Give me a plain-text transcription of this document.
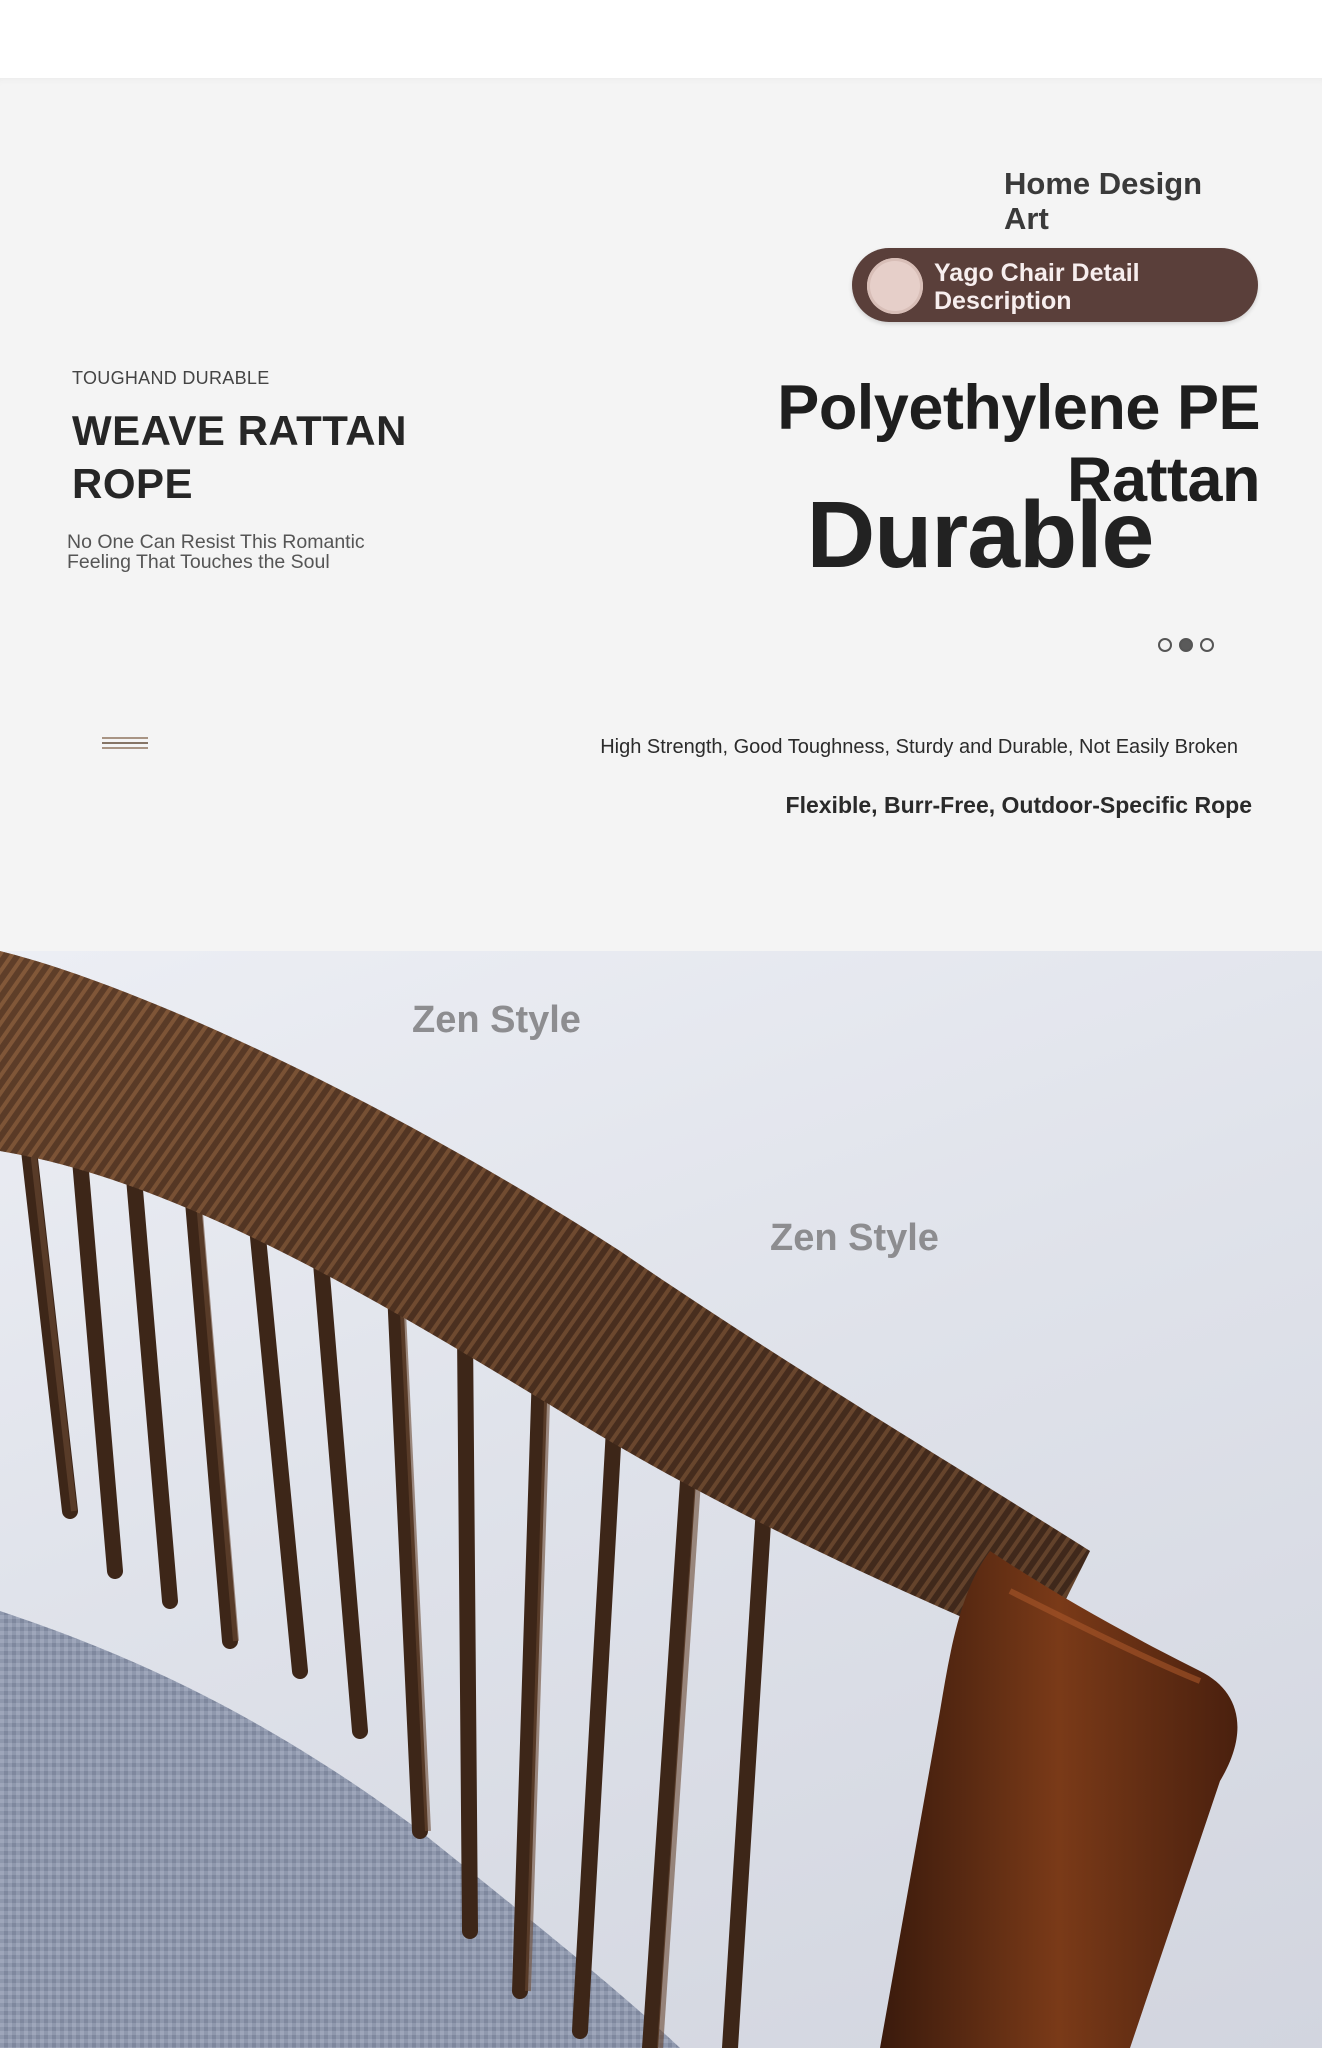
Home Design Art
Yago Chair Detail Description
TOUGHAND DURABLE
WEAVE RATTAN ROPE
No One Can Resist This Romantic Feeling That Touches the Soul
Polyethylene PE Rattan
Durable
High Strength, Good Toughness, Sturdy and Durable, Not Easily Broken
Flexible, Burr-Free, Outdoor-Specific Rope
Zen Style
Zen Style
